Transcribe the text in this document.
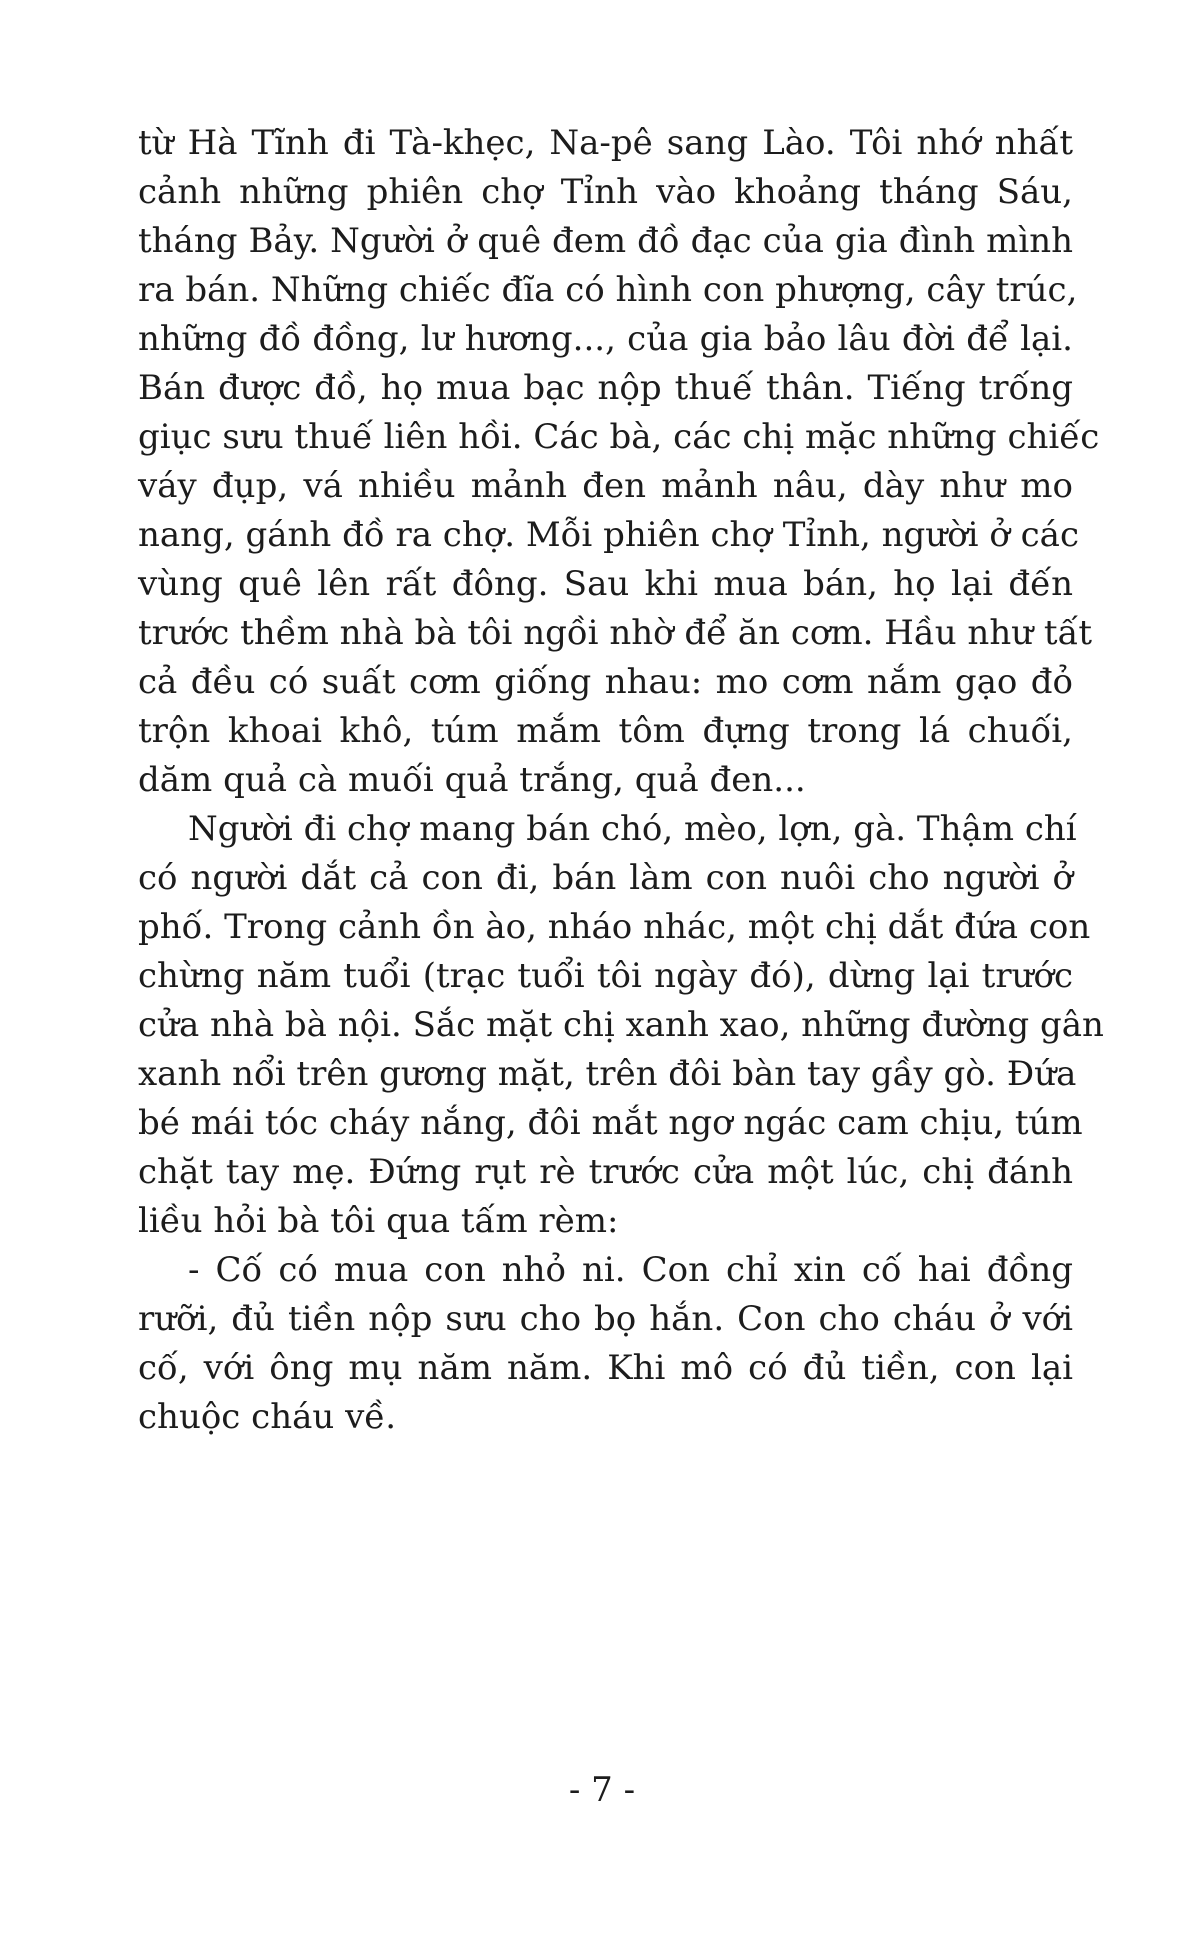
từ Hà Tĩnh đi Tà-khẹc, Na-pê sang Lào. Tôi nhớ nhất
cảnh những phiên chợ Tỉnh vào khoảng tháng Sáu,
tháng Bảy. Người ở quê đem đồ đạc của gia đình mình
ra bán. Những chiếc đĩa có hình con phượng, cây trúc,
những đồ đồng, lư hương..., của gia bảo lâu đời để lại.
Bán được đồ, họ mua bạc nộp thuế thân. Tiếng trống
giục sưu thuế liên hồi. Các bà, các chị mặc những chiếc
váy đụp, vá nhiều mảnh đen mảnh nâu, dày như mo
nang, gánh đồ ra chợ. Mỗi phiên chợ Tỉnh, người ở các
vùng quê lên rất đông. Sau khi mua bán, họ lại đến
trước thềm nhà bà tôi ngồi nhờ để ăn cơm. Hầu như tất
cả đều có suất cơm giống nhau: mo cơm nắm gạo đỏ
trộn khoai khô, túm mắm tôm đựng trong lá chuối,
dăm quả cà muối quả trắng, quả đen...
Người đi chợ mang bán chó, mèo, lợn, gà. Thậm chí
có người dắt cả con đi, bán làm con nuôi cho người ở
phố. Trong cảnh ồn ào, nháo nhác, một chị dắt đứa con
chừng năm tuổi (trạc tuổi tôi ngày đó), dừng lại trước
cửa nhà bà nội. Sắc mặt chị xanh xao, những đường gân
xanh nổi trên gương mặt, trên đôi bàn tay gầy gò. Đứa
bé mái tóc cháy nắng, đôi mắt ngơ ngác cam chịu, túm
chặt tay mẹ. Đứng rụt rè trước cửa một lúc, chị đánh
liều hỏi bà tôi qua tấm rèm:
- Cố có mua con nhỏ ni. Con chỉ xin cố hai đồng
rưỡi, đủ tiền nộp sưu cho bọ hắn. Con cho cháu ở với
cố, với ông mụ năm năm. Khi mô có đủ tiền, con lại
chuộc cháu về.
- 7 -
